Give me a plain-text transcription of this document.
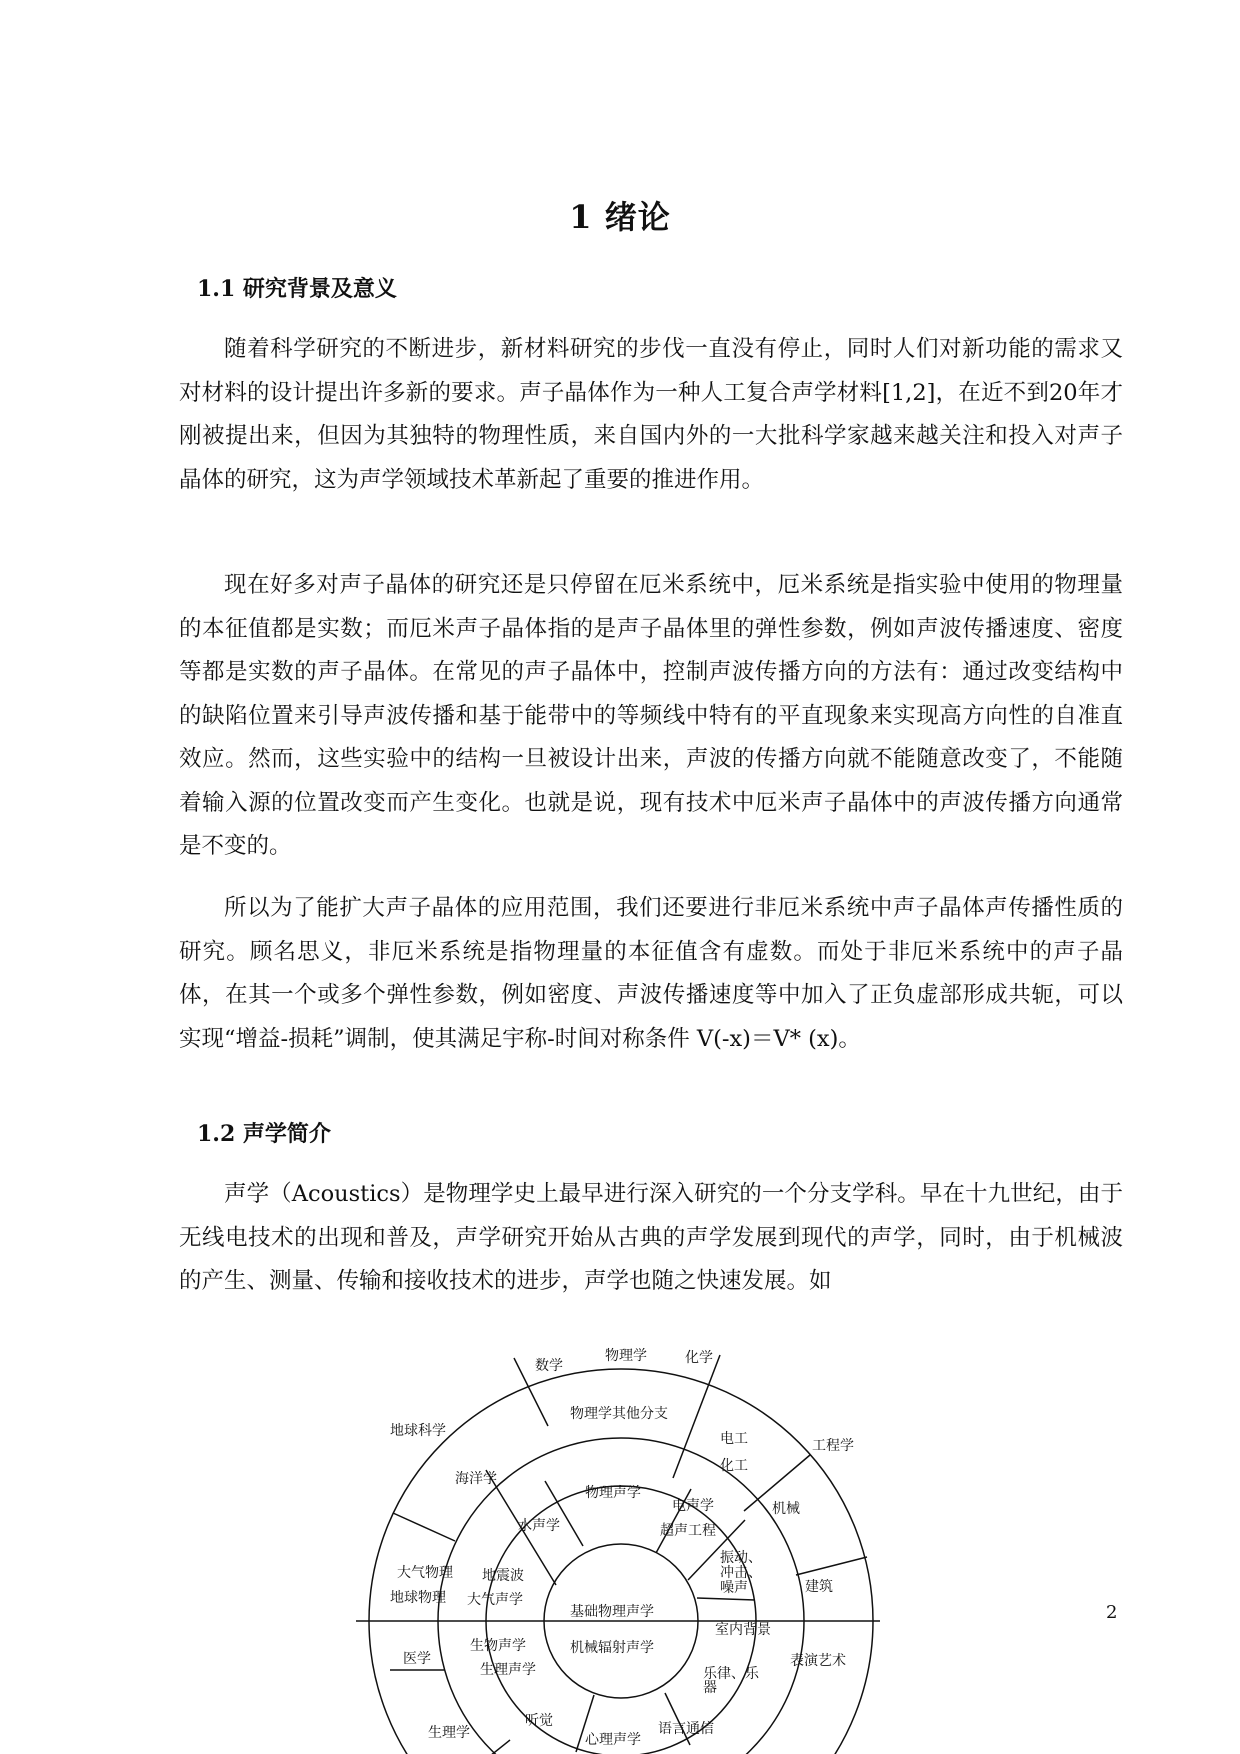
1 绪论
1.1 研究背景及意义

随着科学研究的不断进步，新材料研究的步伐一直没有停止，同时人们对新功能的需求又对材料的设计提出许多新的要求。声子晶体作为一种人工复合声学材料[1,2]，在近不到20年才刚被提出来，但因为其独特的物理性质，来自国内外的一大批科学家越来越关注和投入对声子晶体的研究，这为声学领域技术革新起了重要的推进作用。

现在好多对声子晶体的研究还是只停留在厄米系统中，厄米系统是指实验中使用的物理量的本征值都是实数；而厄米声子晶体指的是声子晶体里的弹性参数，例如声波传播速度、密度等都是实数的声子晶体。在常见的声子晶体中，控制声波传播方向的方法有：通过改变结构中的缺陷位置来引导声波传播和基于能带中的等频线中特有的平直现象来实现高方向性的自准直效应。然而，这些实验中的结构一旦被设计出来，声波的传播方向就不能随意改变了，不能随着输入源的位置改变而产生变化。也就是说，现有技术中厄米声子晶体中的声波传播方向通常是不变的。

所以为了能扩大声子晶体的应用范围，我们还要进行非厄米系统中声子晶体声传播性质的研究。顾名思义，非厄米系统是指物理量的本征值含有虚数。而处于非厄米系统中的声子晶体，在其一个或多个弹性参数，例如密度、声波传播速度等中加入了正负虚部形成共轭，可以实现“增益-损耗”调制，使其满足宇称-时间对称条件 V(-x)＝V* (x)。

1.2 声学简介

声学（Acoustics）是物理学史上最早进行深入研究的一个分支学科。早在十九世纪，由于无线电技术的出现和普及，声学研究开始从古典的声学发展到现代的声学，同时，由于机械波的产生、测量、传输和接收技术的进步，声学也随之快速发展。如

2
数学
物理学	化学
地球科学
工程学
物理学其他分支
电工
化工
海洋学
机械
大气物理
地球物理
建筑
医学	表演艺术
生理学
物理声学
电声学
超声工程
水声学
振动、
冲击、
噪声
地震波
大气声学
室内背景
生物声学
生理声学	乐律、乐
器
听觉
心理声学
语言通信
基础物理声学
机械辐射声学
